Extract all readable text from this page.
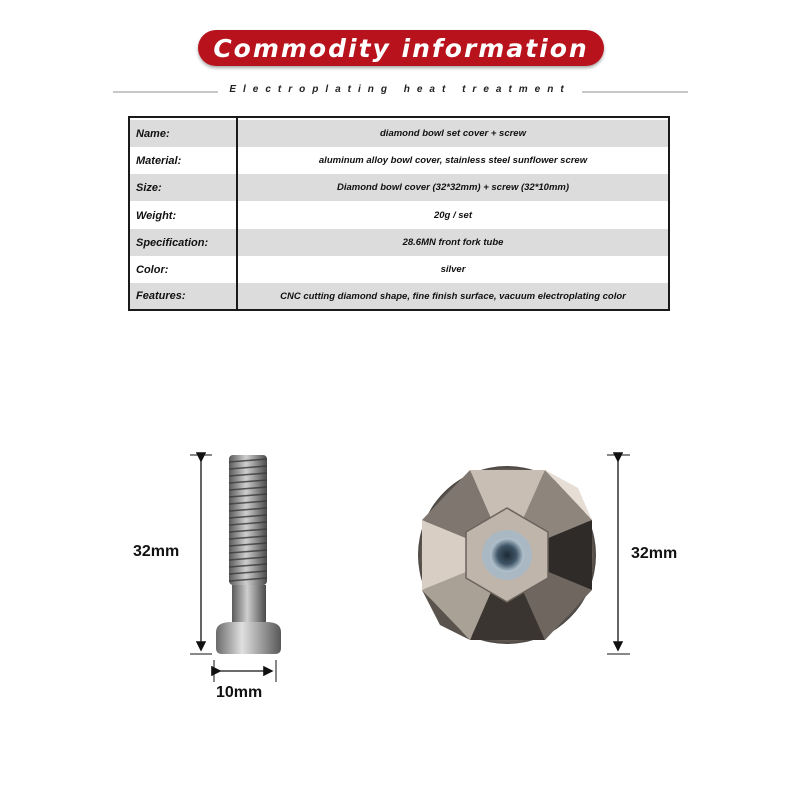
Commodity information
Electroplating heat treatment
Name:	diamond bowl set cover + screw
Material:	aluminum alloy bowl cover, stainless steel sunflower screw
Size:	Diamond bowl cover (32*32mm) + screw (32*10mm)
Weight:	20g / set
Specification:	28.6MN front fork tube
Color:	silver
Features:	CNC cutting diamond shape, fine finish surface, vacuum electroplating color
32mm
10mm
32mm
